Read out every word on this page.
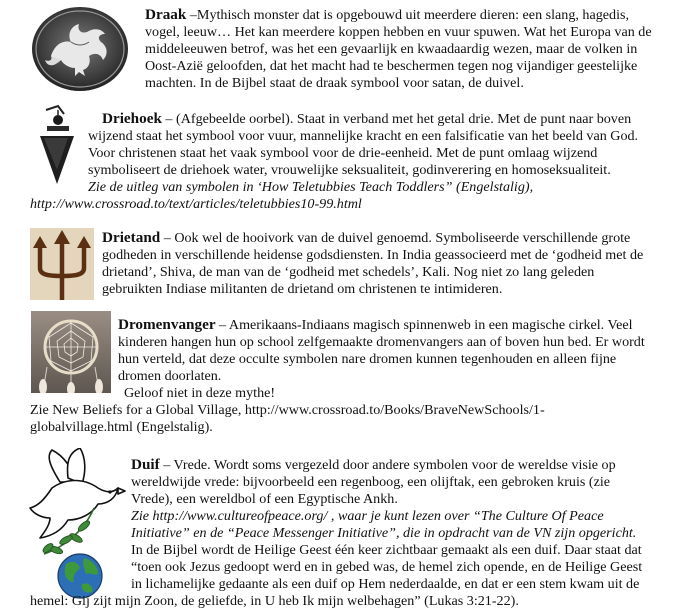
Draak –Mythisch monster dat is opgebouwd uit meerdere dieren: een slang, hagedis,
vogel, leeuw… Het kan meerdere koppen hebben en vuur spuwen. Wat het Europa van de
middeleeuwen betrof, was het een gevaarlijk en kwaadaardig wezen, maar de volken in
Oost-Azië geloofden, dat het macht had te beschermen tegen nog vijandiger geestelijke
machten. In de Bijbel staat de draak symbool voor satan, de duivel.
Driehoek – (Afgebeelde oorbel). Staat in verband met het getal drie. Met de punt naar boven
wijzend staat het symbool voor vuur, mannelijke kracht en een falsificatie van het beeld van God.
Voor christenen staat het vaak symbool voor de drie-eenheid. Met de punt omlaag wijzend
symboliseert de driehoek water, vrouwelijke seksualiteit, godinverering en homoseksualiteit.
Zie de uitleg van symbolen in ‘How Teletubbies Teach Toddlers” (Engelstalig),
http://www.crossroad.to/text/articles/teletubbies10-99.html
Drietand – Ook wel de hooivork van de duivel genoemd. Symboliseerde verschillende grote
godheden in verschillende heidense godsdiensten. In India geassocieerd met de ‘godheid met de
drietand’, Shiva, de man van de ‘godheid met schedels’, Kali. Nog niet zo lang geleden
gebruikten Indiase militanten de drietand om christenen te intimideren.
Dromenvanger – Amerikaans-Indiaans magisch spinnenweb in een magische cirkel. Veel
kinderen hangen hun op school zelfgemaakte dromenvangers aan of boven hun bed. Er wordt
hun verteld, dat deze occulte symbolen nare dromen kunnen tegenhouden en alleen fijne
dromen doorlaten.
Geloof niet in deze mythe!
Zie New Beliefs for a Global Village, http://www.crossroad.to/Books/BraveNewSchools/1-
globalvillage.html (Engelstalig).
Duif – Vrede. Wordt soms vergezeld door andere symbolen voor de wereldse visie op
wereldwijde vrede: bijvoorbeeld een regenboog, een olijftak, een gebroken kruis (zie
Vrede), een wereldbol of een Egyptische Ankh.
Zie http://www.cultureofpeace.org/ , waar je kunt lezen over “The Culture Of Peace
Initiative” en de “Peace Messenger Initiative”, die in opdracht van de VN zijn opgericht.
In de Bijbel wordt de Heilige Geest één keer zichtbaar gemaakt als een duif. Daar staat dat
“toen ook Jezus gedoopt werd en in gebed was, de hemel zich opende, en de Heilige Geest
in lichamelijke gedaante als een duif op Hem nederdaalde, en dat er een stem kwam uit de
hemel: Gij zijt mijn Zoon, de geliefde, in U heb Ik mijn welbehagen” (Lukas 3:21-22).
